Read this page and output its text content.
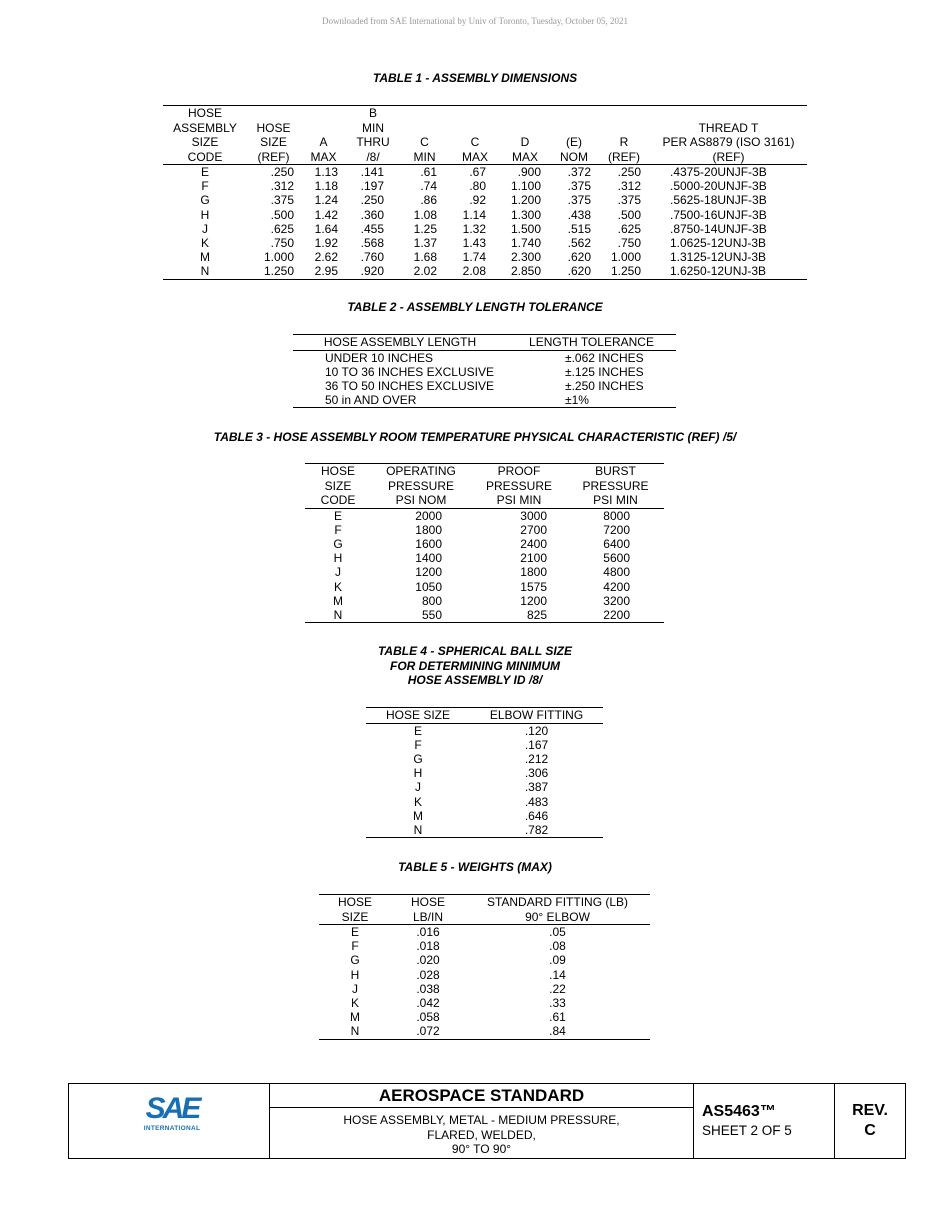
Downloaded from SAE International by Univ of Toronto, Tuesday, October 05, 2021
TABLE 1 - ASSEMBLY DIMENSIONS
HOSE			B						
ASSEMBLY	HOSE		MIN						THREAD T
SIZE	SIZE	A	THRU	C	C	D	(E)	R	PER AS8879 (ISO 3161)
CODE	(REF)	MAX	/8/	MIN	MAX	MAX	NOM	(REF)	(REF)
E	.250	1.13	.141	.61	.67	.900	.372	.250	.4375-20UNJF-3B
F	.312	1.18	.197	.74	.80	1.100	.375	.312	.5000-20UNJF-3B
G	.375	1.24	.250	.86	.92	1.200	.375	.375	.5625-18UNJF-3B
H	.500	1.42	.360	1.08	1.14	1.300	.438	.500	.7500-16UNJF-3B
J	.625	1.64	.455	1.25	1.32	1.500	.515	.625	.8750-14UNJF-3B
K	.750	1.92	.568	1.37	1.43	1.740	.562	.750	1.0625-12UNJ-3B
M	1.000	2.62	.760	1.68	1.74	2.300	.620	1.000	1.3125-12UNJ-3B
N	1.250	2.95	.920	2.02	2.08	2.850	.620	1.250	1.6250-12UNJ-3B
TABLE 2 - ASSEMBLY LENGTH TOLERANCE
HOSE ASSEMBLY LENGTH	LENGTH TOLERANCE
UNDER 10 INCHES	±.062 INCHES
10 TO 36 INCHES EXCLUSIVE	±.125 INCHES
36 TO 50 INCHES EXCLUSIVE	±.250 INCHES
50 in AND OVER	±1%
TABLE 3 - HOSE ASSEMBLY ROOM TEMPERATURE PHYSICAL CHARACTERISTIC (REF) /5/
HOSE	OPERATING	PROOF	BURST
SIZE	PRESSURE	PRESSURE	PRESSURE
CODE	PSI NOM	PSI MIN	PSI MIN
E	2000	3000	8000
F	1800	2700	7200
G	1600	2400	6400
H	1400	2100	5600
J	1200	1800	4800
K	1050	1575	4200
M	800	1200	3200
N	550	825	2200
TABLE 4 - SPHERICAL BALL SIZE
FOR DETERMINING MINIMUM
HOSE ASSEMBLY ID /8/
HOSE SIZE	ELBOW FITTING
E	.120
F	.167
G	.212
H	.306
J	.387
K	.483
M	.646
N	.782
TABLE 5 - WEIGHTS (MAX)
HOSE	HOSE	STANDARD FITTING (LB)
SIZE	LB/IN	90° ELBOW
E	.016	.05
F	.018	.08
G	.020	.09
H	.028	.14
J	.038	.22
K	.042	.33
M	.058	.61
N	.072	.84
SAE
INTERNATIONAL
AEROSPACE STANDARD
HOSE ASSEMBLY, METAL - MEDIUM PRESSURE,
FLARED, WELDED,
90° TO 90°
AS5463™
SHEET 2 OF 5
REV.
C
